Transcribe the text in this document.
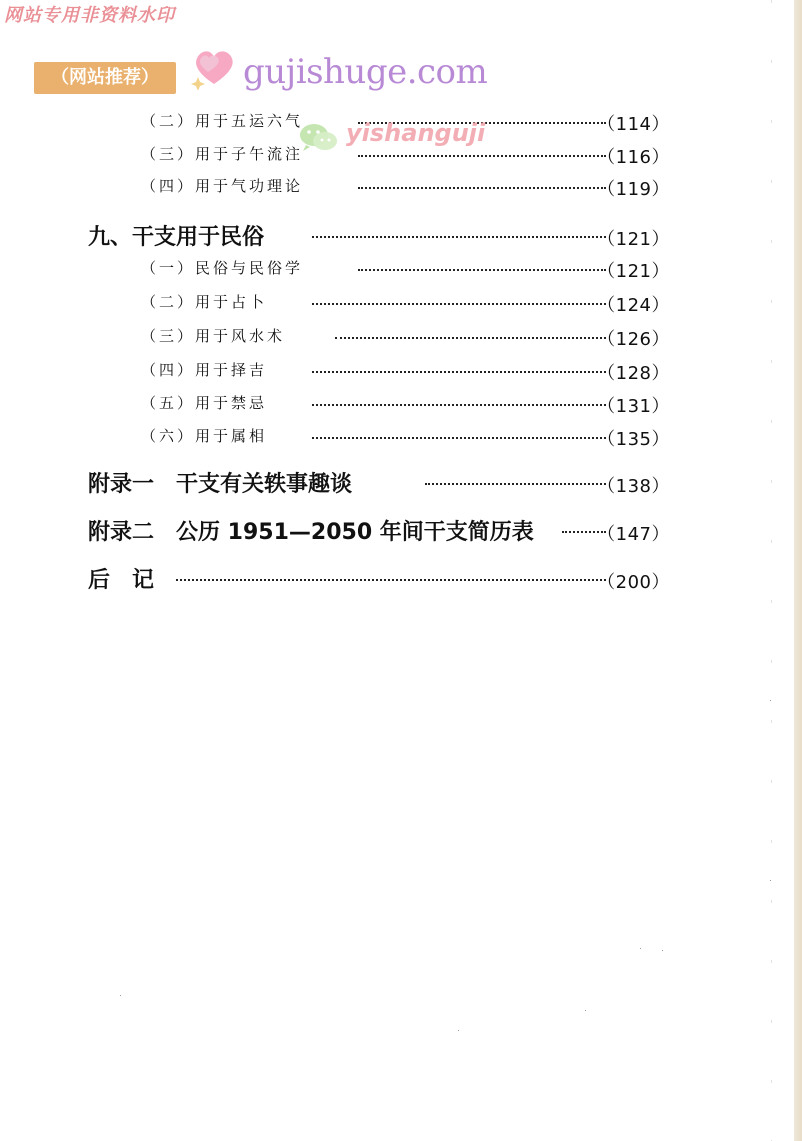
网站专用非资料水印
（网站推荐）	gujishuge.com
yishanguji
（二）用于五运六气	（114）
（三）用于子午流注	（116）
（四）用于气功理论	（119）
九、干支用于民俗	（121）
（一）民俗与民俗学	（121）
（二）用于占卜	（124）
（三）用于风水术	（126）
（四）用于择吉	（128）
（五）用于禁忌	（131）
（六）用于属相	（135）
附录一　干支有关轶事趣谈	（138）
附录二　公历 1951—2050 年间干支简历表	（147）
后　记	（200）
